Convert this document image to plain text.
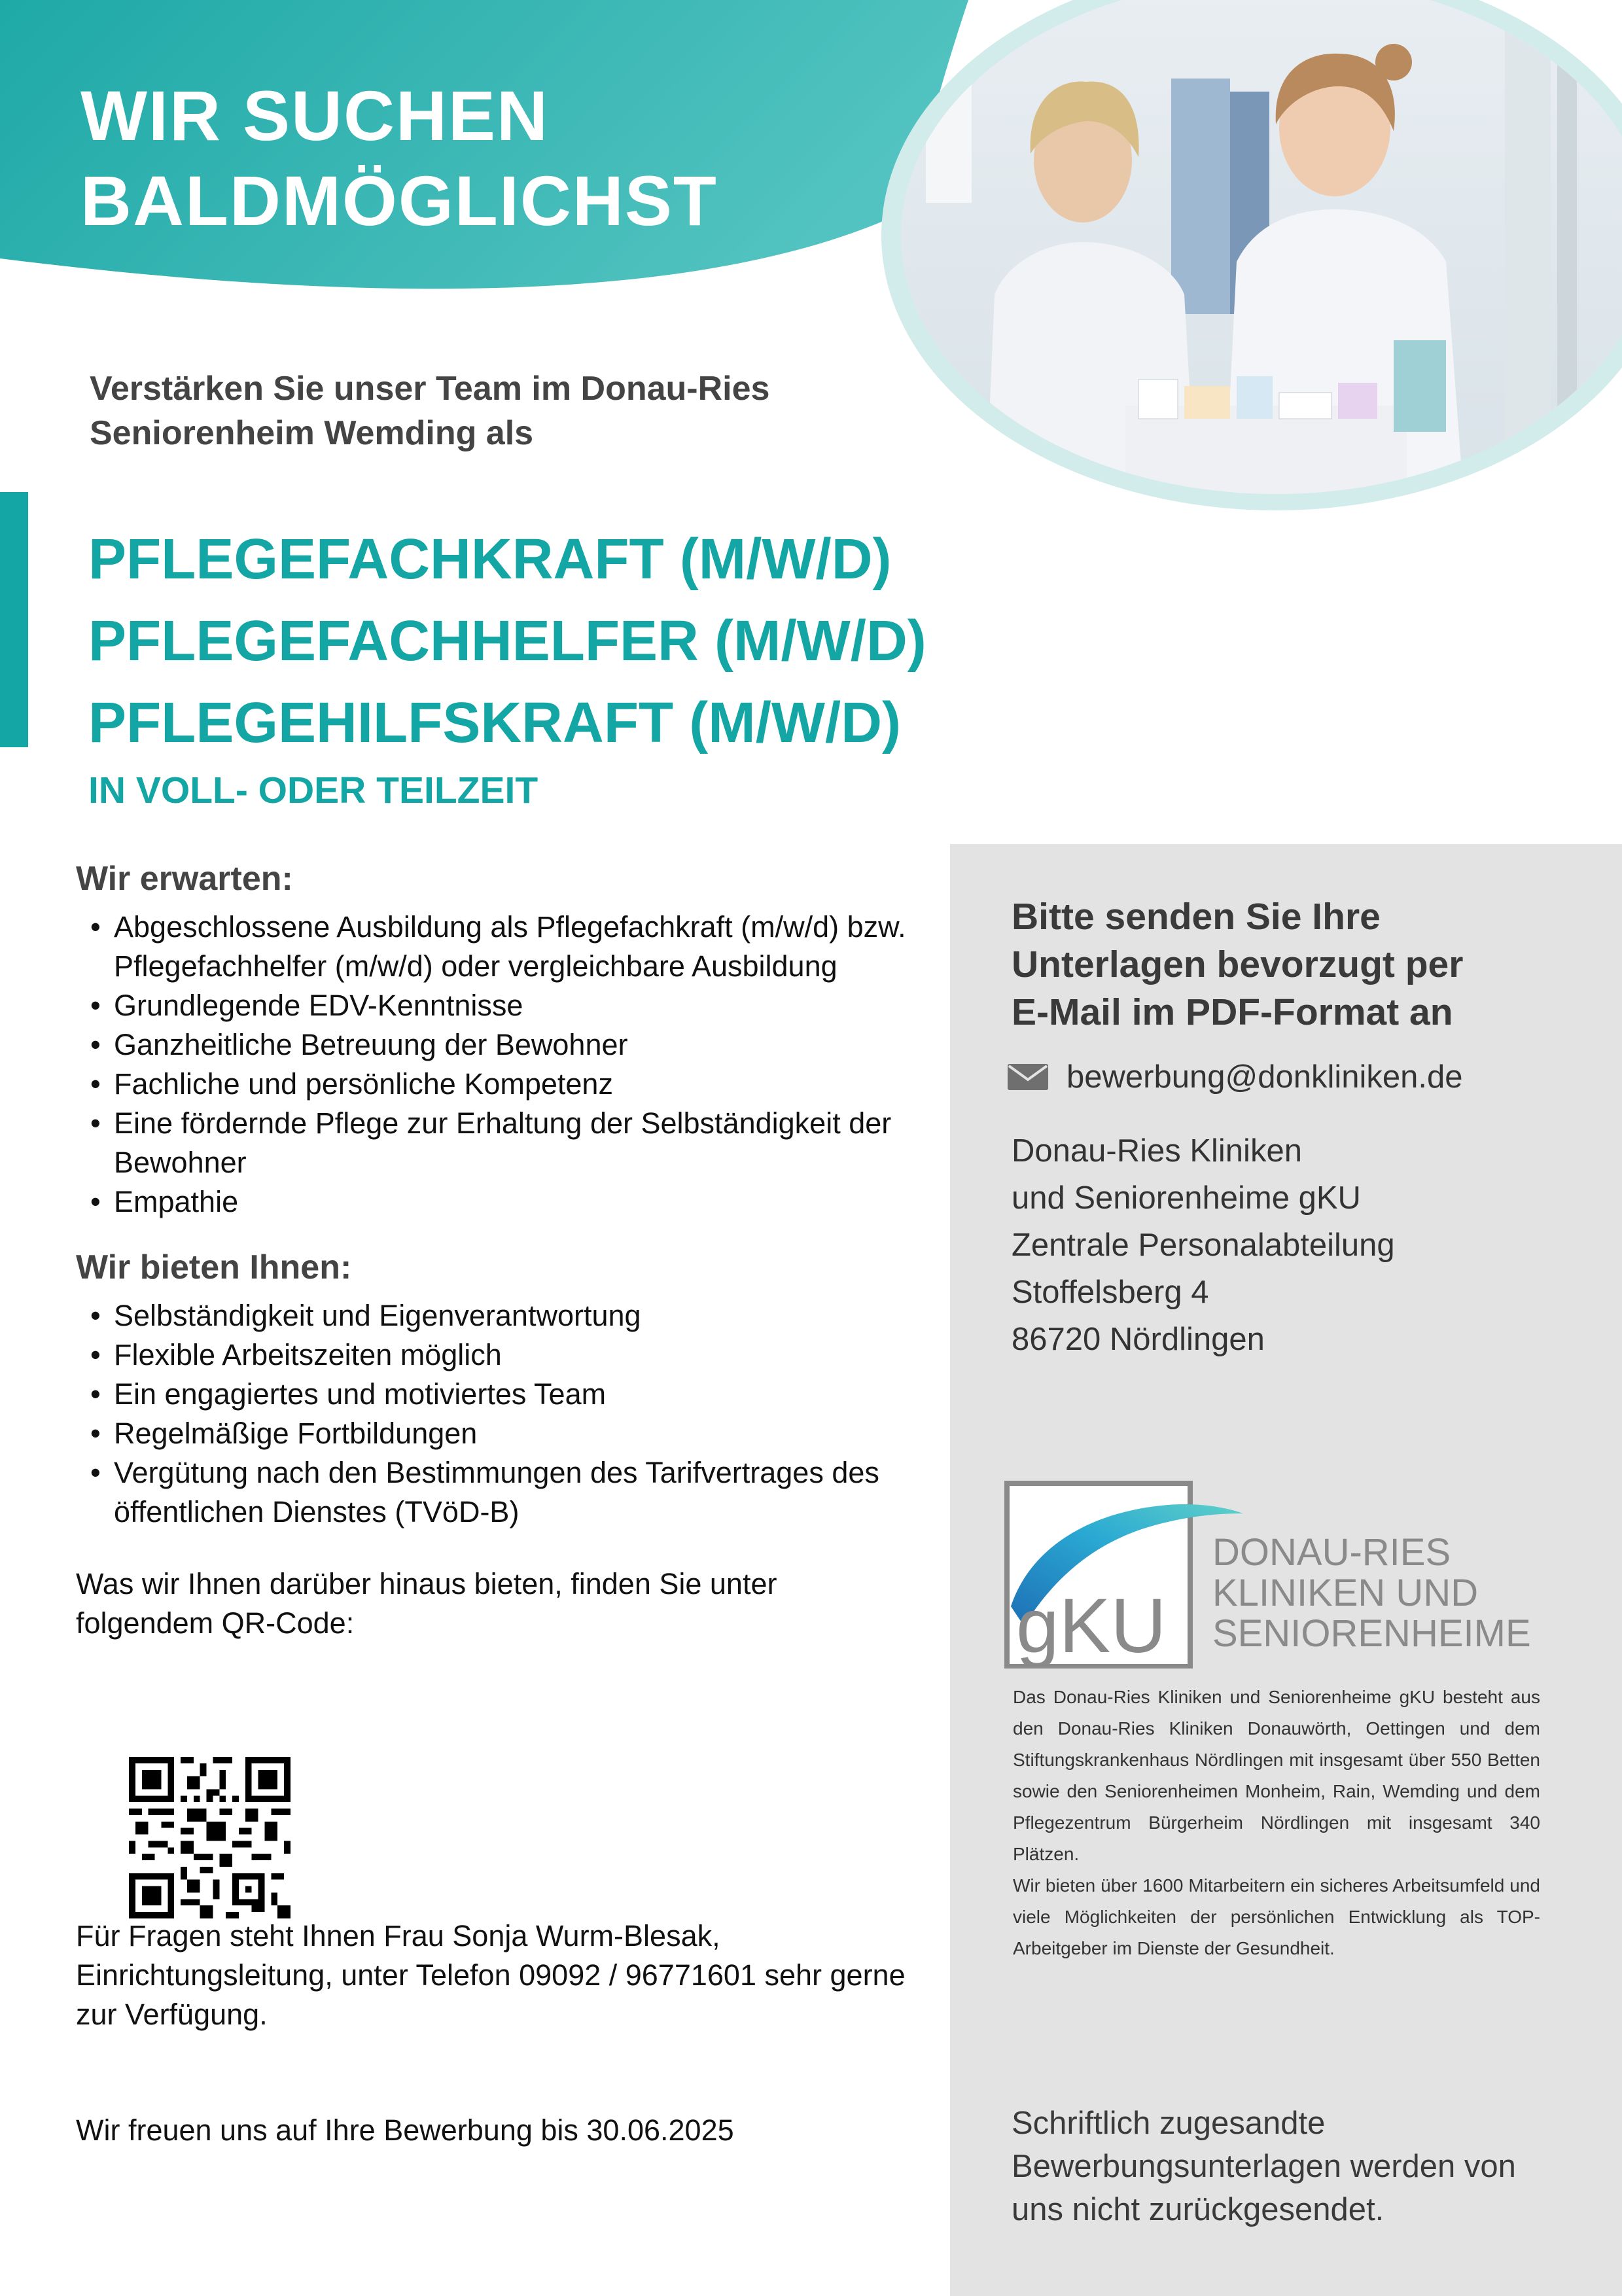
WIR SUCHEN
BALDMÖGLICHST
Verstärken Sie unser Team im Donau-Ries
Seniorenheim Wemding als
PFLEGEFACHKRAFT (M/W/D)
PFLEGEFACHHELFER (M/W/D)
PFLEGEHILFSKRAFT (M/W/D)
IN VOLL- ODER TEILZEIT
Wir erwarten:
• Abgeschlossene Ausbildung als Pflegefachkraft (m/w/d) bzw. Pflegefachhelfer (m/w/d) oder vergleichbare Ausbildung
• Grundlegende EDV-Kenntnisse
• Ganzheitliche Betreuung der Bewohner
• Fachliche und persönliche Kompetenz
• Eine fördernde Pflege zur Erhaltung der Selbständigkeit der Bewohner
• Empathie
Wir bieten Ihnen:
• Selbständigkeit und Eigenverantwortung
• Flexible Arbeitszeiten möglich
• Ein engagiertes und motiviertes Team
• Regelmäßige Fortbildungen
• Vergütung nach den Bestimmungen des Tarifvertrages des öffentlichen Dienstes (TVöD-B)

Was wir Ihnen darüber hinaus bieten, finden Sie unter folgendem QR-Code:

Für Fragen steht Ihnen Frau Sonja Wurm-Blesak, Einrichtungsleitung, unter Telefon 09092 / 96771601 sehr gerne zur Verfügung.

Wir freuen uns auf Ihre Bewerbung bis 30.06.2025

Bitte senden Sie Ihre
Unterlagen bevorzugt per
E-Mail im PDF-Format an
bewerbung@donkliniken.de
Donau-Ries Kliniken
und Seniorenheime gKU
Zentrale Personalabteilung
Stoffelsberg 4
86720 Nördlingen
gKU
DONAU-RIES
KLINIKEN UND
SENIORENHEIME

Das Donau-Ries Kliniken und Seniorenheime gKU besteht aus den Donau-Ries Kliniken Donauwörth, Oettingen und dem Stiftungskrankenhaus Nördlingen mit insgesamt über 550 Betten sowie den Seniorenheimen Monheim, Rain, Wemding und dem Pflegezentrum Bürgerheim Nördlingen mit insgesamt 340 Plätzen.

Wir bieten über 1600 Mitarbeitern ein sicheres Arbeitsumfeld und viele Möglichkeiten der persönlichen Entwicklung als TOP-Arbeitgeber im Dienste der Gesundheit.

Schriftlich zugesandte
Bewerbungsunterlagen werden von
uns nicht zurückgesendet.
